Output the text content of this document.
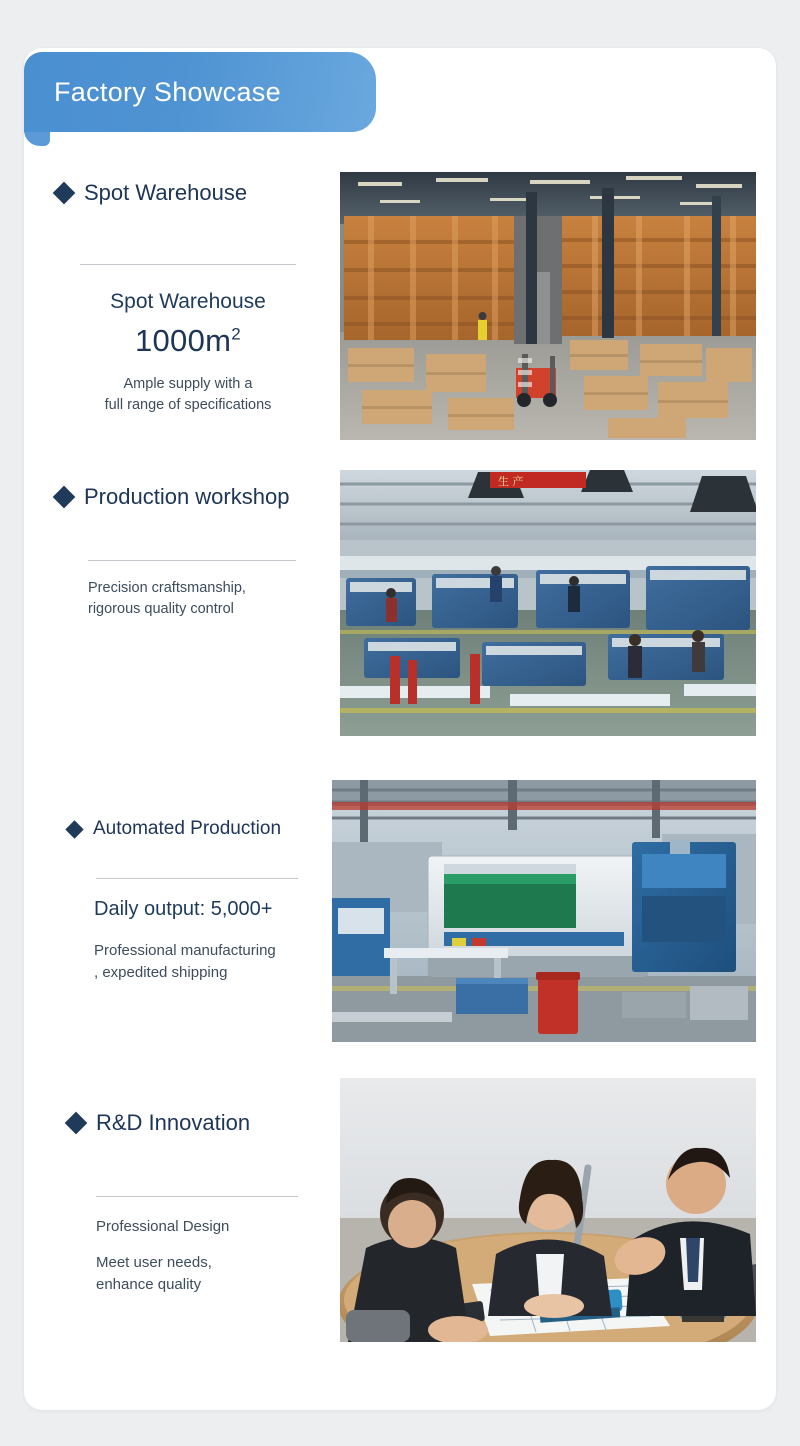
Factory Showcase
Spot Warehouse
Spot Warehouse
$1000m^2$
Ample supply with a
full range of specifications
Production workshop
Precision craftsmanship,
rigorous quality control
生 产
Automated Production
Daily output: 5,000+
Professional manufacturing
, expedited shipping
R&D Innovation
Professional Design
Meet user needs,
enhance quality
